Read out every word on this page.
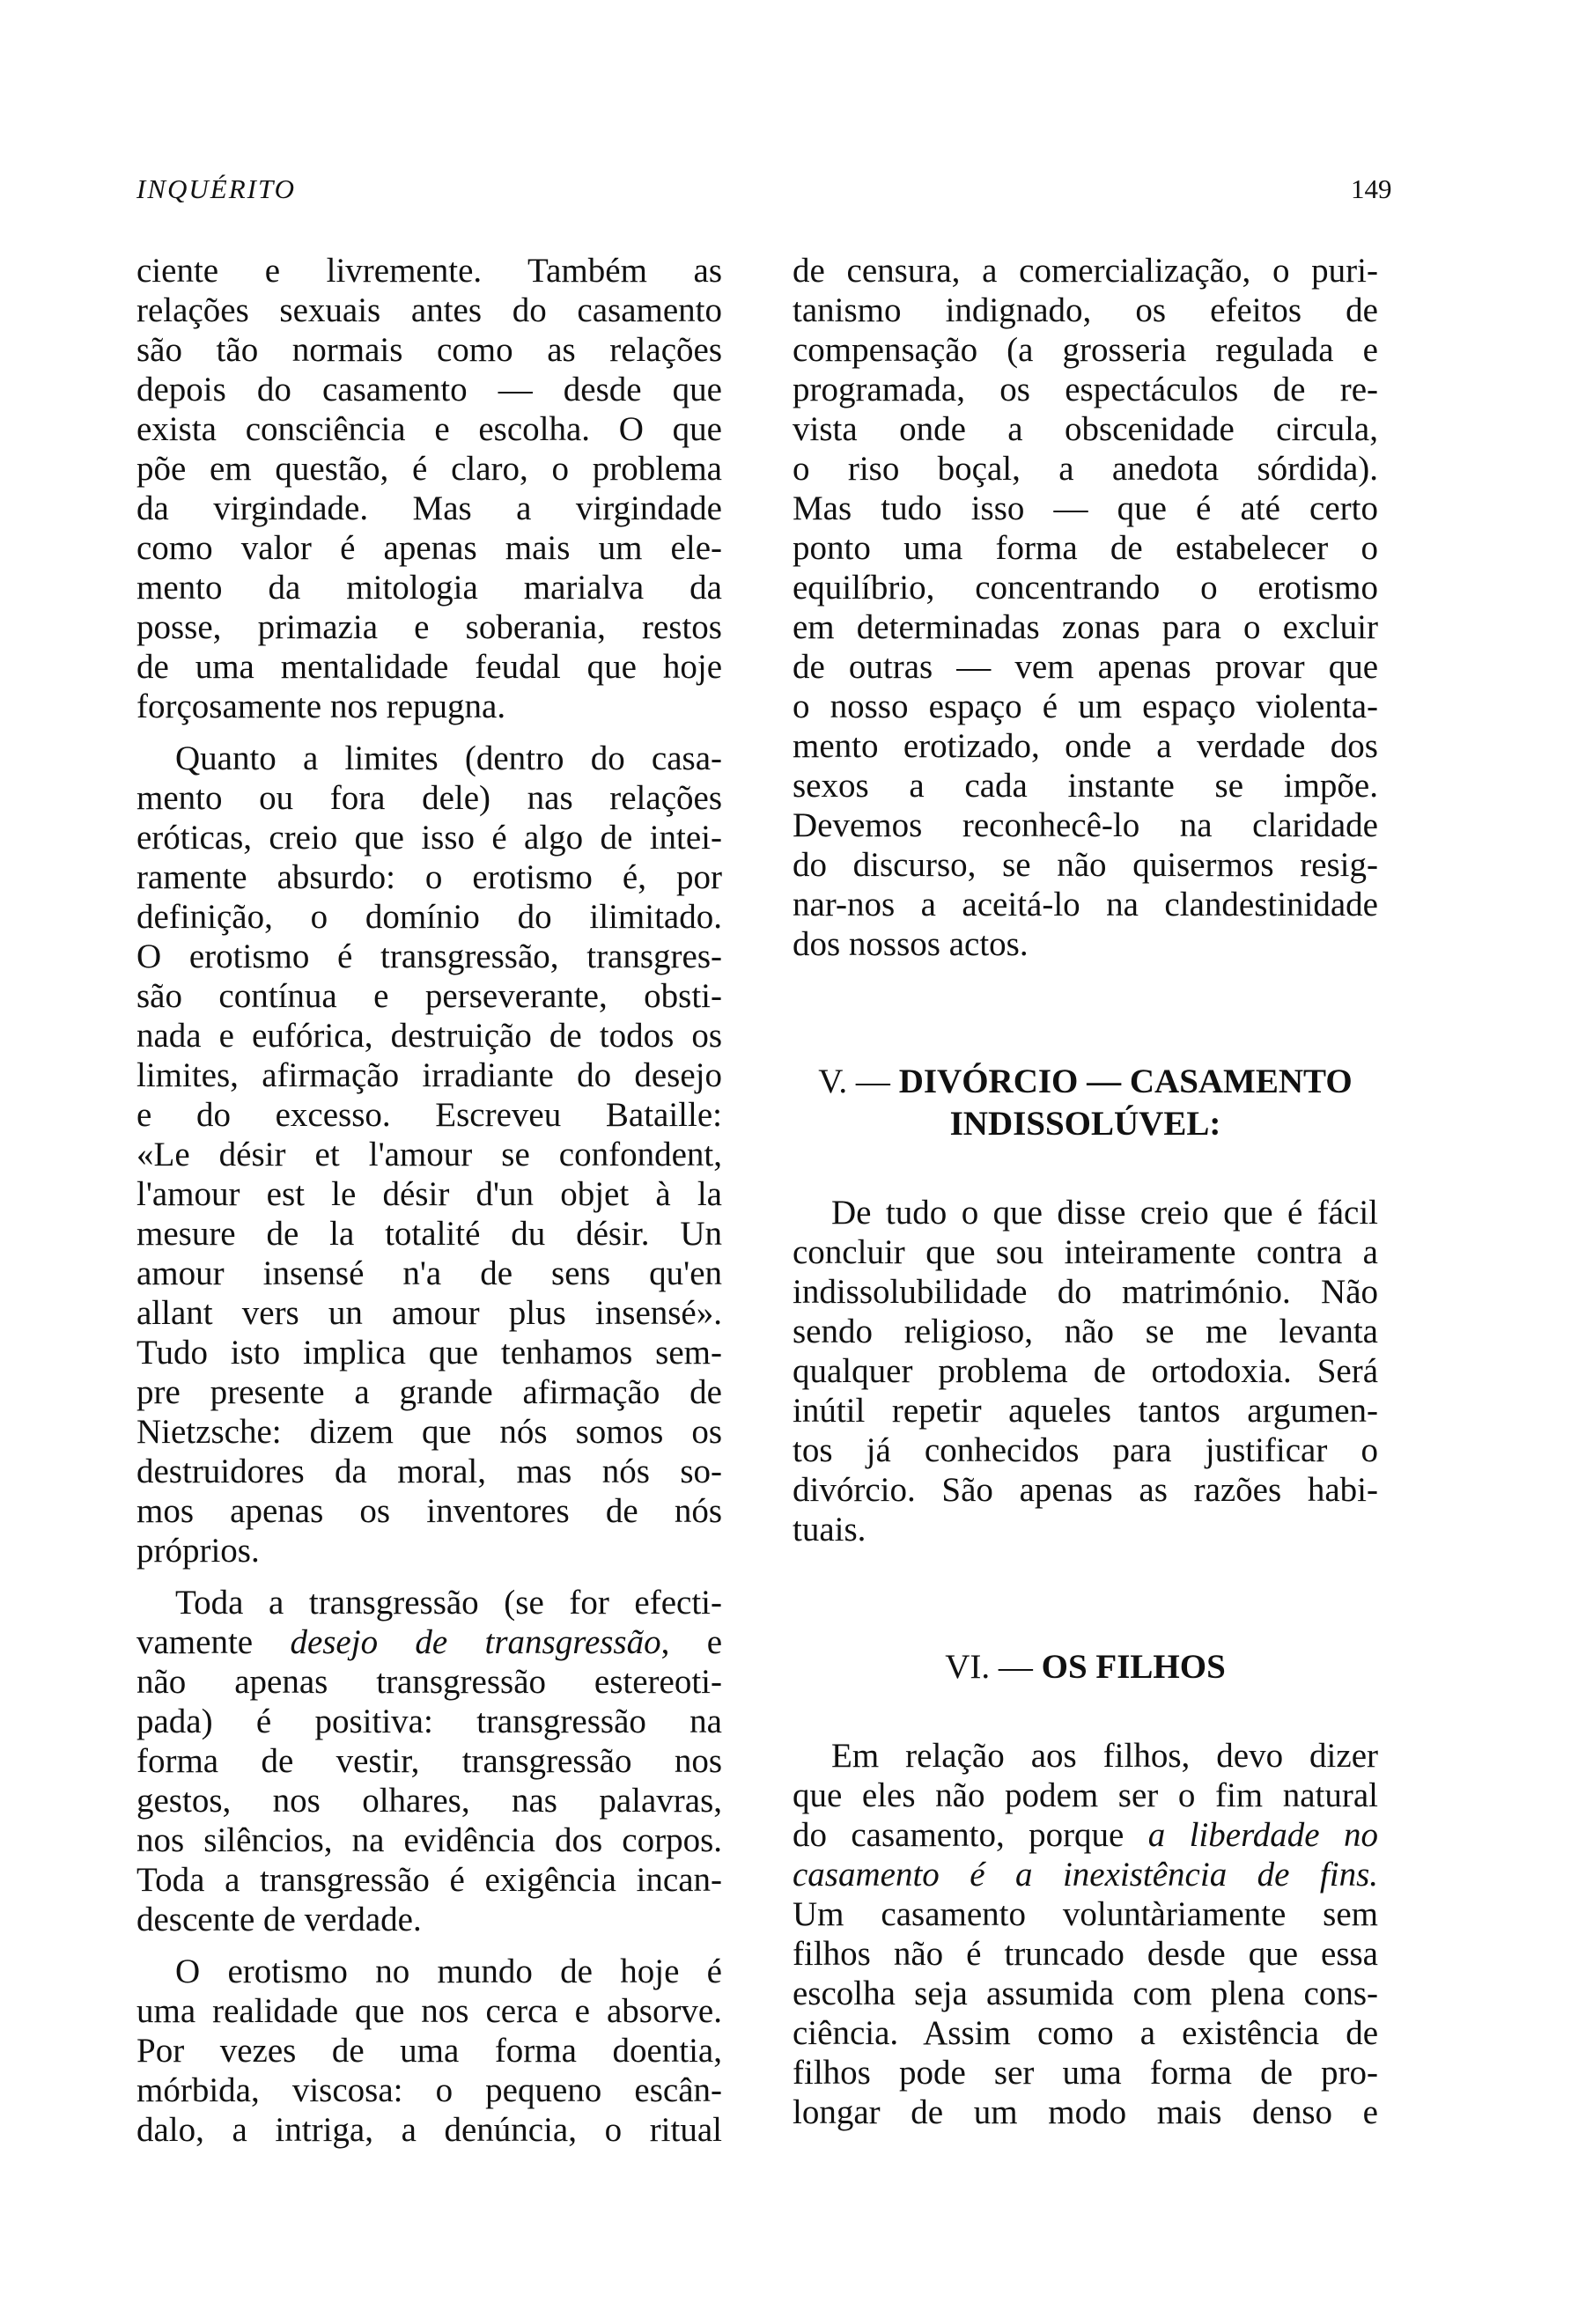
INQUÉRITO	149
ciente e livremente. Também as
relações sexuais antes do casamento
são tão normais como as relações
depois do casamento — desde que
exista consciência e escolha. O que
põe em questão, é claro, o problema
da virgindade. Mas a virgindade
como valor é apenas mais um ele-
mento da mitologia marialva da
posse, primazia e soberania, restos
de uma mentalidade feudal que hoje
forçosamente nos repugna.
Quanto a limites (dentro do casa-
mento ou fora dele) nas relações
eróticas, creio que isso é algo de intei-
ramente absurdo: o erotismo é, por
definição, o domínio do ilimitado.
O erotismo é transgressão, transgres-
são contínua e perseverante, obsti-
nada e eufórica, destruição de todos os
limites, afirmação irradiante do desejo
e do excesso. Escreveu Bataille:
«Le désir et l'amour se confondent,
l'amour est le désir d'un objet à la
mesure de la totalité du désir. Un
amour insensé n'a de sens qu'en
allant vers un amour plus insensé».
Tudo isto implica que tenhamos sem-
pre presente a grande afirmação de
Nietzsche: dizem que nós somos os
destruidores da moral, mas nós so-
mos apenas os inventores de nós
próprios.
Toda a transgressão (se for efecti-
vamente desejo de transgressão, e
não apenas transgressão estereoti-
pada) é positiva: transgressão na
forma de vestir, transgressão nos
gestos, nos olhares, nas palavras,
nos silêncios, na evidência dos corpos.
Toda a transgressão é exigência incan-
descente de verdade.
O erotismo no mundo de hoje é
uma realidade que nos cerca e absorve.
Por vezes de uma forma doentia,
mórbida, viscosa: o pequeno escân-
dalo, a intriga, a denúncia, o ritual
de censura, a comercialização, o puri-
tanismo indignado, os efeitos de
compensação (a grosseria regulada e
programada, os espectáculos de re-
vista onde a obscenidade circula,
o riso boçal, a anedota sórdida).
Mas tudo isso — que é até certo
ponto uma forma de estabelecer o
equilíbrio, concentrando o erotismo
em determinadas zonas para o excluir
de outras — vem apenas provar que
o nosso espaço é um espaço violenta-
mento erotizado, onde a verdade dos
sexos a cada instante se impõe.
Devemos reconhecê-lo na claridade
do discurso, se não quisermos resig-
nar-nos a aceitá-lo na clandestinidade
dos nossos actos.

V. — DIVÓRCIO — CASAMENTO

INDISSOLÚVEL:

De tudo o que disse creio que é fácil
concluir que sou inteiramente contra a
indissolubilidade do matrimónio. Não
sendo religioso, não se me levanta
qualquer problema de ortodoxia. Será
inútil repetir aqueles tantos argumen-
tos já conhecidos para justificar o
divórcio. São apenas as razões habi-
tuais.

VI. — OS FILHOS

Em relação aos filhos, devo dizer
que eles não podem ser o fim natural
do casamento, porque a liberdade no
casamento é a inexistência de fins.
Um casamento voluntàriamente sem
filhos não é truncado desde que essa
escolha seja assumida com plena cons-
ciência. Assim como a existência de
filhos pode ser uma forma de pro-
longar de um modo mais denso e
